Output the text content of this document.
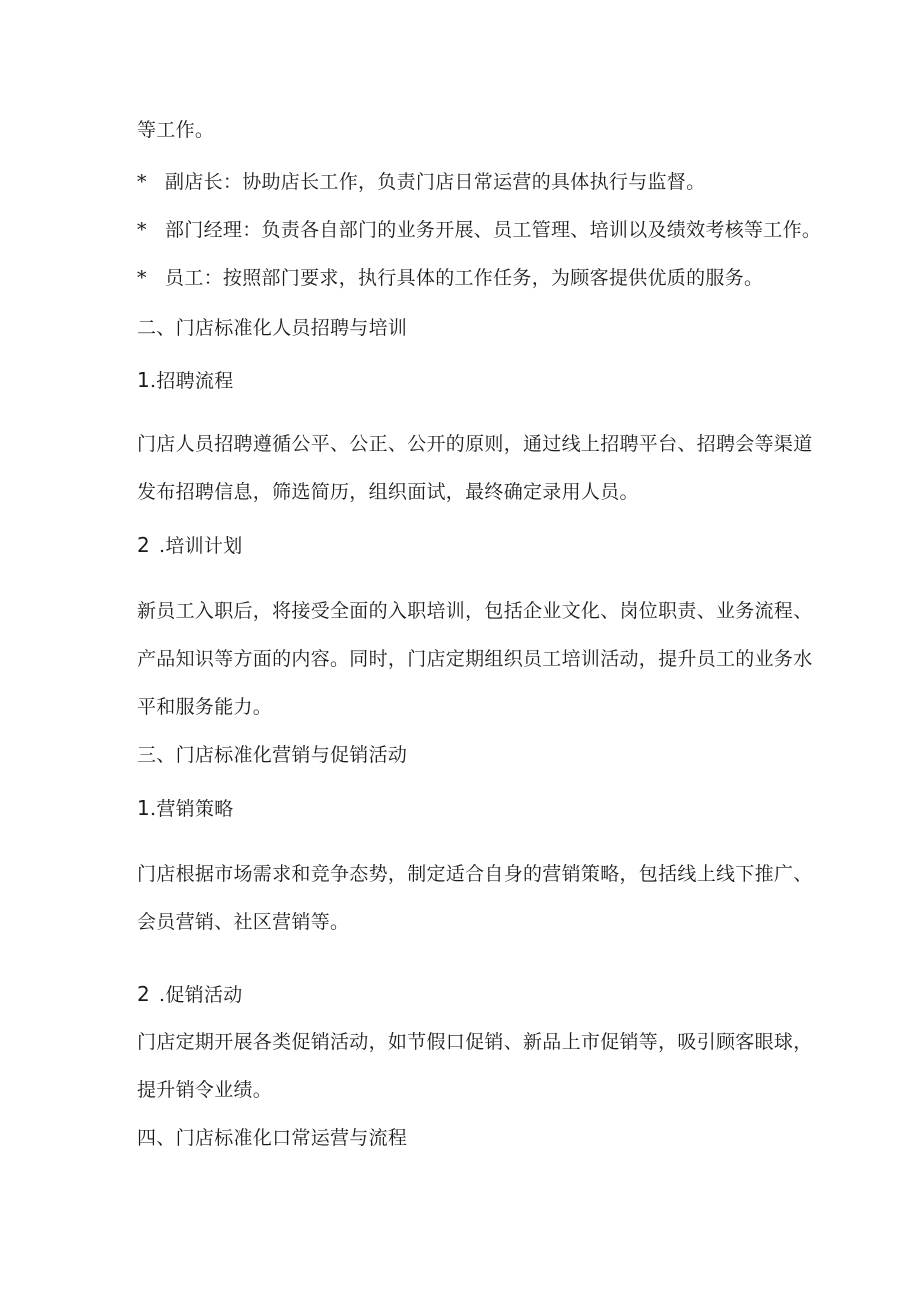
等工作。
* 副店长：协助店长工作，负责门店日常运营的具体执行与监督。
* 部门经理：负责各自部门的业务开展、员工管理、培训以及绩效考核等工作。
* 员工：按照部门要求，执行具体的工作任务，为顾客提供优质的服务。
二、门店标准化人员招聘与培训
1.招聘流程
门店人员招聘遵循公平、公正、公开的原则，通过线上招聘平台、招聘会等渠道
发布招聘信息，筛选简历，组织面试，最终确定录用人员。
2 .培训计划
新员工入职后，将接受全面的入职培训，包括企业文化、岗位职责、业务流程、
产品知识等方面的内容。同时，门店定期组织员工培训活动，提升员工的业务水
平和服务能力。
三、门店标准化营销与促销活动
1.营销策略
门店根据市场需求和竞争态势，制定适合自身的营销策略，包括线上线下推广、
会员营销、社区营销等。
2 .促销活动
门店定期开展各类促销活动，如节假口促销、新品上市促销等，吸引顾客眼球，
提升销令业绩。
四、门店标准化口常运营与流程
